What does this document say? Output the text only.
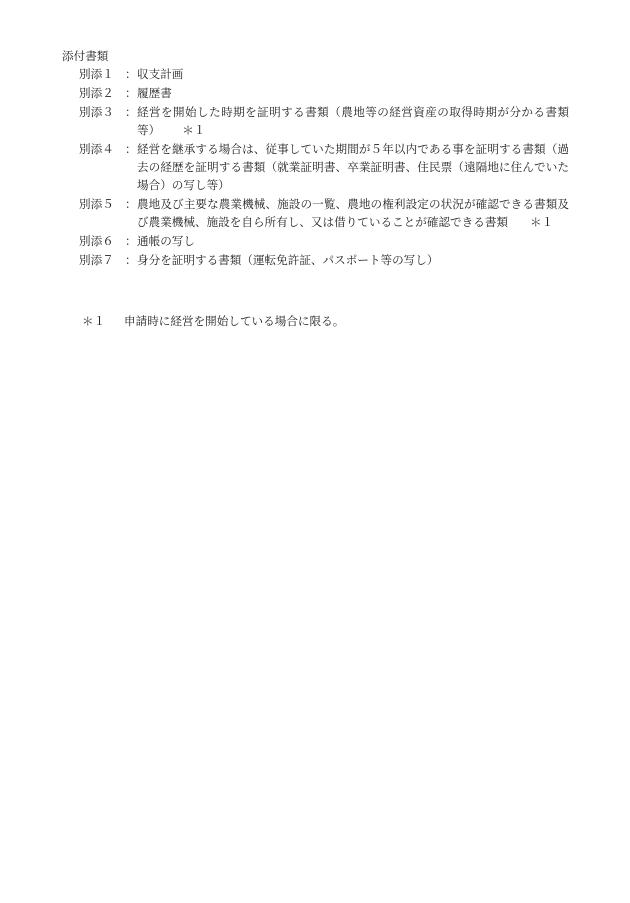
添付書類
別添１ ： 収支計画
別添２ ： 履歴書
別添３ ： 経営を開始した時期を証明する書類（農地等の経営資産の取得時期が分かる書類等） ＊１
別添４ ： 経営を継承する場合は、従事していた期間が５年以内である事を証明する書類（過去の経歴を証明する書類（就業証明書、卒業証明書、住民票（遠隔地に住んでいた場合）の写し等）
別添５ ： 農地及び主要な農業機械、施設の一覧、農地の権利設定の状況が確認できる書類及び農業機械、施設を自ら所有し、又は借りていることが確認できる書類 ＊１
別添６ ： 通帳の写し
別添７ ： 身分を証明する書類（運転免許証、パスポート等の写し）
＊１	申請時に経営を開始している場合に限る。
